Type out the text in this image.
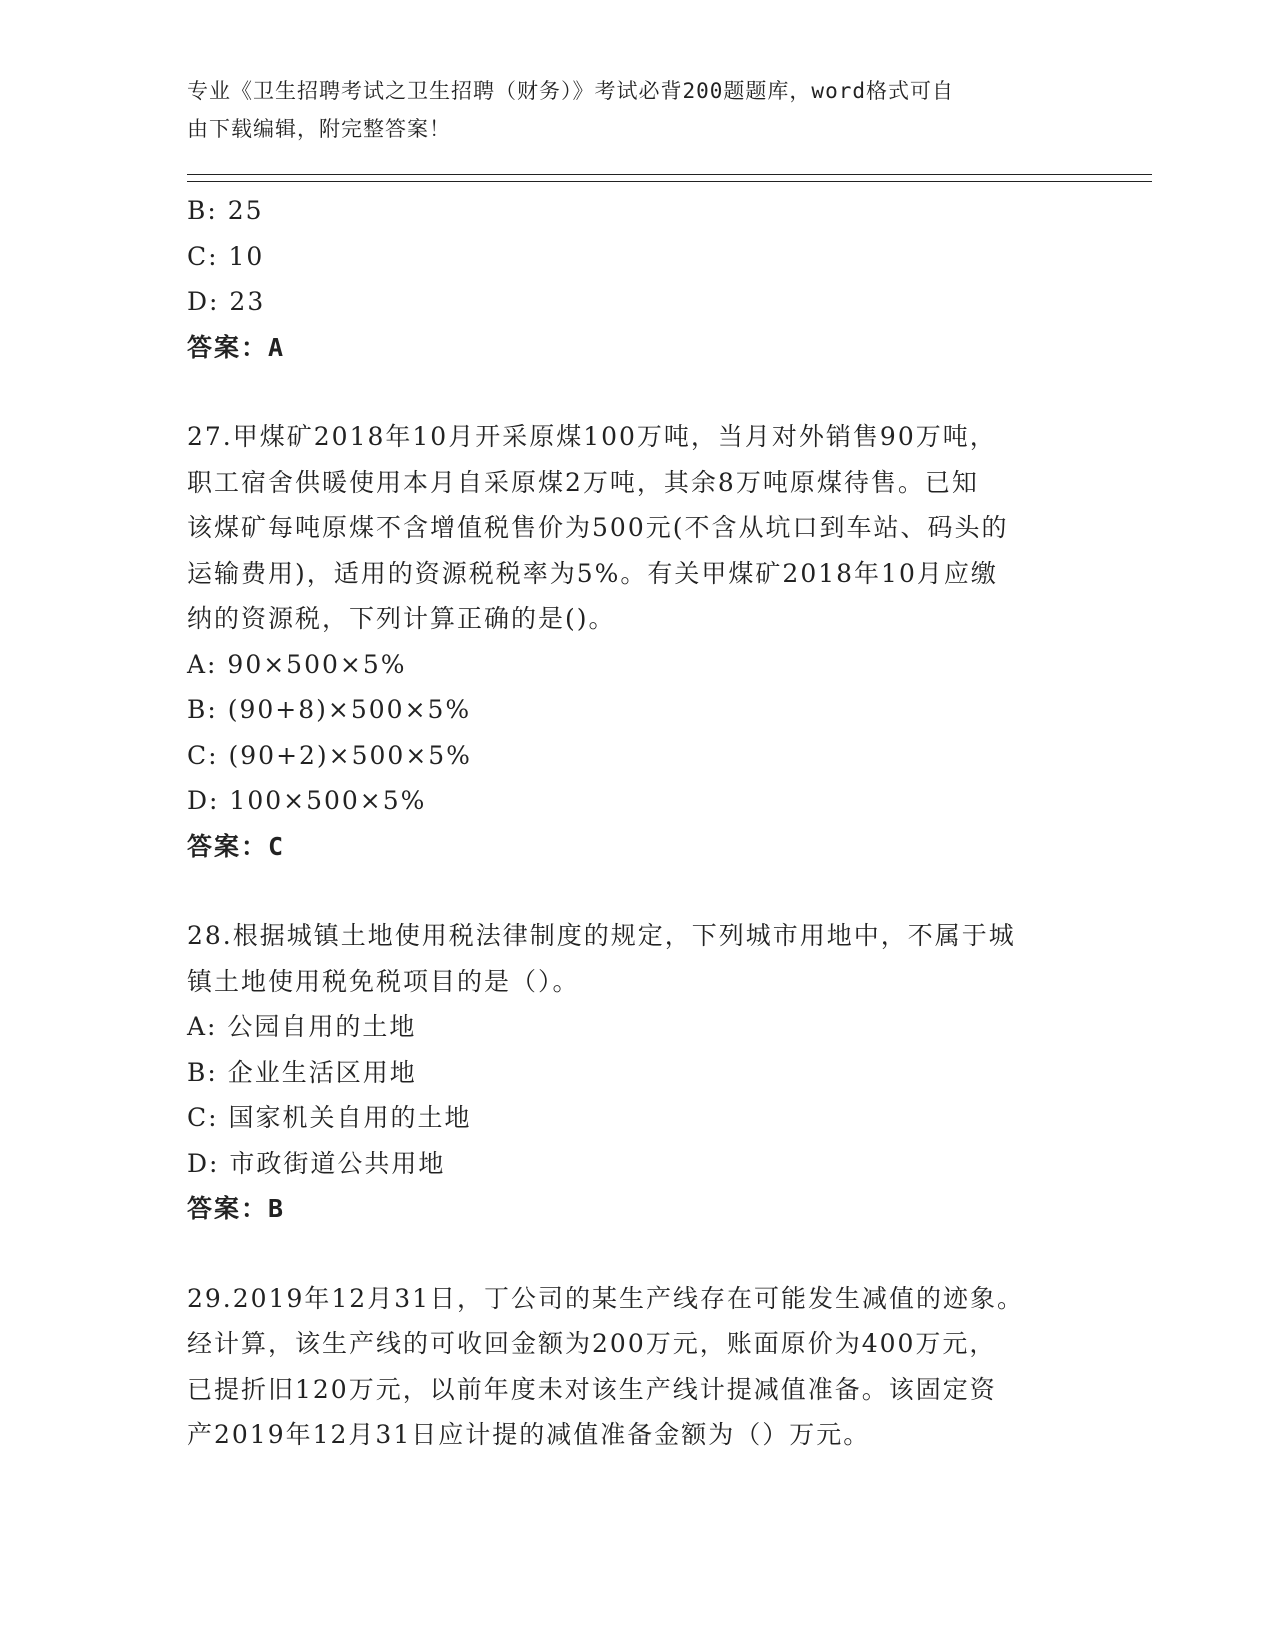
专业《卫生招聘考试之卫生招聘（财务）》考试必背200题题库，word格式可自
由下载编辑，附完整答案！
B: 25
C: 10
D: 23
答案：A
27.甲煤矿2018年10月开采原煤100万吨，当月对外销售90万吨，
职工宿舍供暖使用本月自采原煤2万吨，其余8万吨原煤待售。已知
该煤矿每吨原煤不含增值税售价为500元(不含从坑口到车站、码头的
运输费用)，适用的资源税税率为5%。有关甲煤矿2018年10月应缴
纳的资源税，下列计算正确的是()。
A: 90×500×5%
B: (90+8)×500×5%
C: (90+2)×500×5%
D: 100×500×5%
答案：C
28.根据城镇土地使用税法律制度的规定，下列城市用地中，不属于城
镇土地使用税免税项目的是（）。
A: 公园自用的土地
B: 企业生活区用地
C: 国家机关自用的土地
D: 市政街道公共用地
答案：B
29.2019年12月31日，丁公司的某生产线存在可能发生减值的迹象。
经计算，该生产线的可收回金额为200万元，账面原价为400万元，
已提折旧120万元，以前年度未对该生产线计提减值准备。该固定资
产2019年12月31日应计提的减值准备金额为（）万元。
